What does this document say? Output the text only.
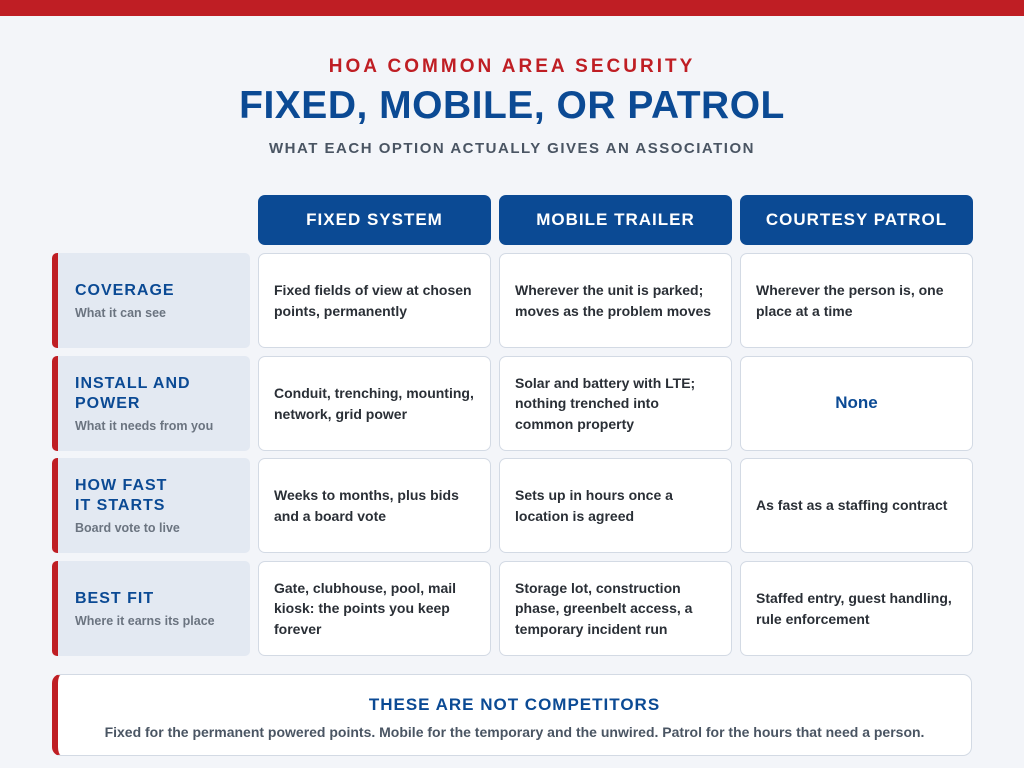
HOA COMMON AREA SECURITY
FIXED, MOBILE, OR PATROL
WHAT EACH OPTION ACTUALLY GIVES AN ASSOCIATION
FIXED SYSTEM	MOBILE TRAILER	COURTESY PATROL
COVERAGE
What it can see
Fixed fields of view at chosen points, permanently
Wherever the unit is parked; moves as the problem moves
Wherever the person is, one place at a time
INSTALL AND
POWER
What it needs from you
Conduit, trenching, mounting, network, grid power
Solar and battery with LTE; nothing trenched into common property
None
HOW FAST
IT STARTS
Board vote to live
Weeks to months, plus bids and a board vote
Sets up in hours once a location is agreed
As fast as a staffing contract
BEST FIT
Where it earns its place
Gate, clubhouse, pool, mail kiosk: the points you keep forever
Storage lot, construction phase, greenbelt access, a temporary incident run
Staffed entry, guest handling, rule enforcement
THESE ARE NOT COMPETITORS
Fixed for the permanent powered points. Mobile for the temporary and the unwired. Patrol for the hours that need a person.
